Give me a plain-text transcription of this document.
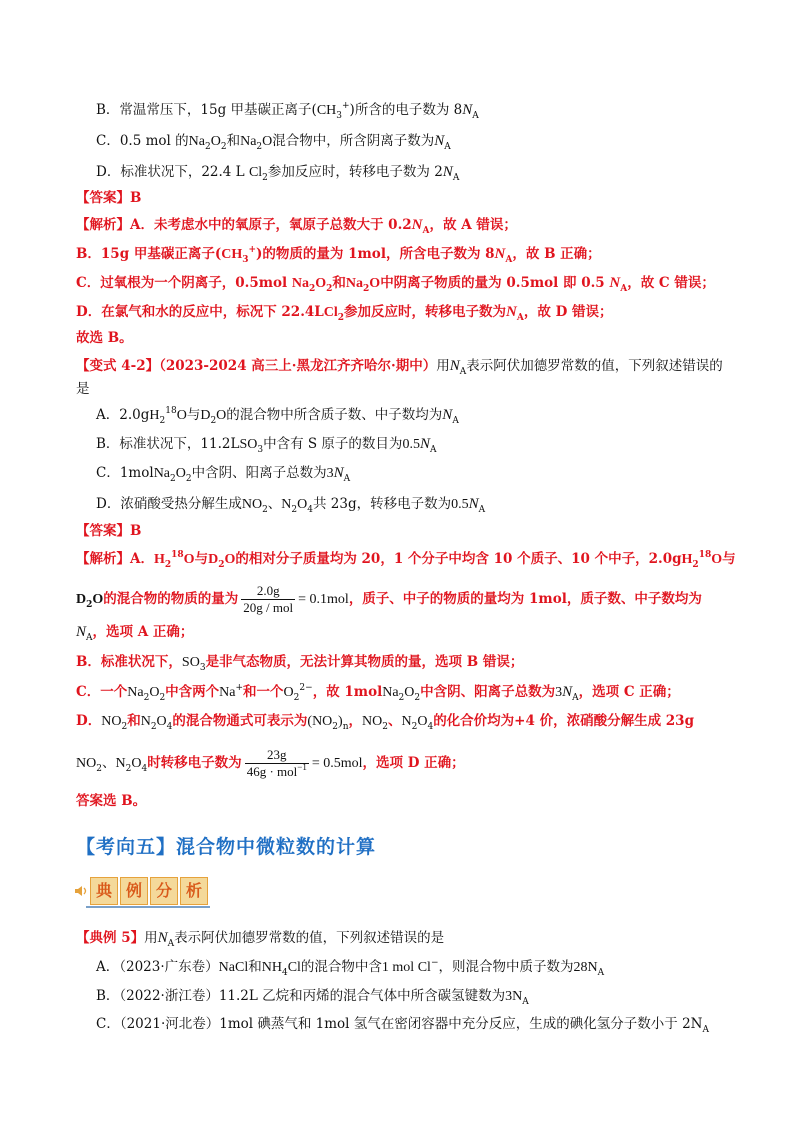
B．常温常压下，15g 甲基碳正离子$(CH_3^+)$所含的电子数为 $8N_A$
C．0.5 mol 的$Na_2O_2$和$Na_2O$混合物中，所含阴离子数为$N_A$
D．标准状况下，22.4 L $Cl_2$参加反应时，转移电子数为 $2N_A$
【答案】B
【解析】A．未考虑水中的氧原子，氧原子总数大于 $0.2N_A$，故 A 错误；
B．15g 甲基碳正离子$(CH_3^+)$的物质的量为 1mol，所含电子数为 $8N_A$，故 B 正确；
C．过氧根为一个阴离子，0.5mol $Na_2O_2$和$Na_2O$中阴离子物质的量为 0.5mol 即 0.5 $N_A$，故 C 错误；
D．在氯气和水的反应中，标况下 22.4LCl$_2$参加反应时，转移电子数为$N_A$，故 D 错误；
故选 B。
【变式 4-2】（2023-2024 高三上·黑龙江齐齐哈尔·期中）用$N_A$表示阿伏加德罗常数的值，下列叙述错误的
是
A．$2.0gH_2^{18}O$与$D_2O$的混合物中所含质子数、中子数均为$N_A$
B．标准状况下，$11.2LSO_3$中含有 S 原子的数目为$0.5N_A$
C．$1molNa_2O_2$中含阴、阳离子总数为$3N_A$
D．浓硝酸受热分解生成$NO_2$、$N_2O_4$共 23g，转移电子数为$0.5N_A$
【答案】B
【解析】A．$H_2^{18}O$与$D_2O$的相对分子质量均为 20，1 个分子中均含 10 个质子、10 个中子，$2.0gH_2^{18}O$与
$D_2O$的混合物的物质的量为 $\frac{2.0g}{\text{20g / mol}} = 0.1mol$，质子、中子的物质的量均为 1mol，质子数、中子数均为
$N_A$，选项 A 正确；
B．标准状况下，$SO_3$是非气态物质，无法计算其物质的量，选项 B 错误；
C．一个$Na_2O_2$中含两个Na+和一个$O_2^{2-}$，故 $1molNa_2O_2$中含阴、阳离子总数为$3N_A$，选项 C 正确；
D．$NO_2$和$N_2O_4$的混合物通式可表示为$(NO_2)_n$，$NO_2$、$N_2O_4$的化合价均为+4 价，浓硝酸分解生成 23g
$NO_2$、$N_2O_4$时转移电子数为 $\frac{23g}{46g \cdot mol^{-1}} = 0.5mol$，选项 D 正确；
答案选 B。
【考向五】混合物中微粒数的计算
典 例 分 析
【典例 5】用$N_A$表示阿伏加德罗常数的值，下列叙述错误的是
A．（2023·广东卷）NaCl和$NH_4Cl$的混合物中含1 mol Cl−，则混合物中质子数为$28N_A$
B．（2022·浙江卷）11.2L 乙烷和丙烯的混合气体中所含碳氢键数为$3N_A$
C．（2021·河北卷）1mol 碘蒸气和 1mol 氢气在密闭容器中充分反应，生成的碘化氢分子数小于 $2N_A$
